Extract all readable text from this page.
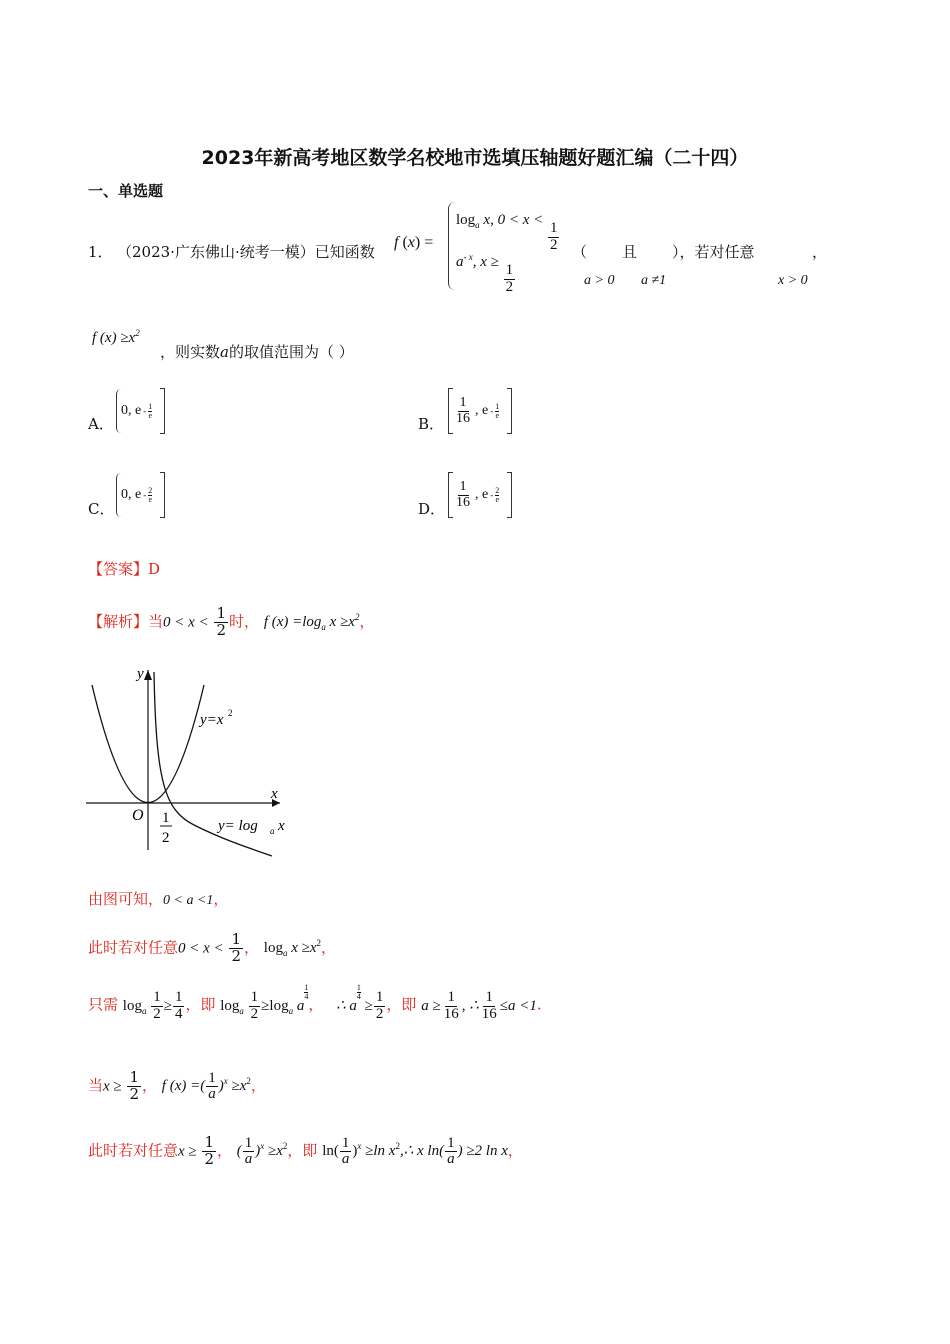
2023年新高考地区数学名校地市选填压轴题好题汇编（二十四）
一、单选题
1． （2023·广东佛山·统考一模）已知函数
f (x) =
$\log_a x$, 0 < x <
$\frac{1}{2}$
$a^{- x}$, x ≥
$\frac{1}{2}$
（ 且 ），若对任意	，
a > 0 a ≠1	x > 0
f $(x) \ge x^2$
，则实数a的取值范围为（ ）
A．
0, e - 1
e	B． $\frac{1}{16}$ , e - 1
e
C．
0, e - 2
e
D． $\frac{1}{16}$ , e - 2
e
【答案】D
【解析】当$0 < x < \frac{1}{2}$ 时， f $(x) =\log_a$ $x \ge x^2$，
y
x
O 1
2
y=x 2
y= log a x
由图可知，0 < a <1，
此时若对任意$0 < x < \frac{1}{2}$ ， $\log_a x \ge x^2$，
只需 $\log_a \frac{1}{2} \ge \frac{1}{4}$ ，即 $\log_a \frac{1}{2} \ge\log_a$ a
$^{\frac{1}{4}}$
， ∴ a
$^{\frac{1}{4}}$
≥ $\frac{1}{2}$ ，即 $a \ge \frac{1}{16}$ , ∴ $\frac{1}{16} \le a <1$.
当$x \ge \frac{1}{2}$ ， f (x) =( $\frac{1}{a} )^x \ge x^2$，
此时若对任意$x \ge \frac{1}{2}$ ， ( $\frac{1}{a} )^x \ge x^2$，即 $\ln( \frac{1}{a} )^x \ge\ln$ $x^2,\therefore$ x $\ln( \frac{1}{a}$ ) ≥2 ln x，
